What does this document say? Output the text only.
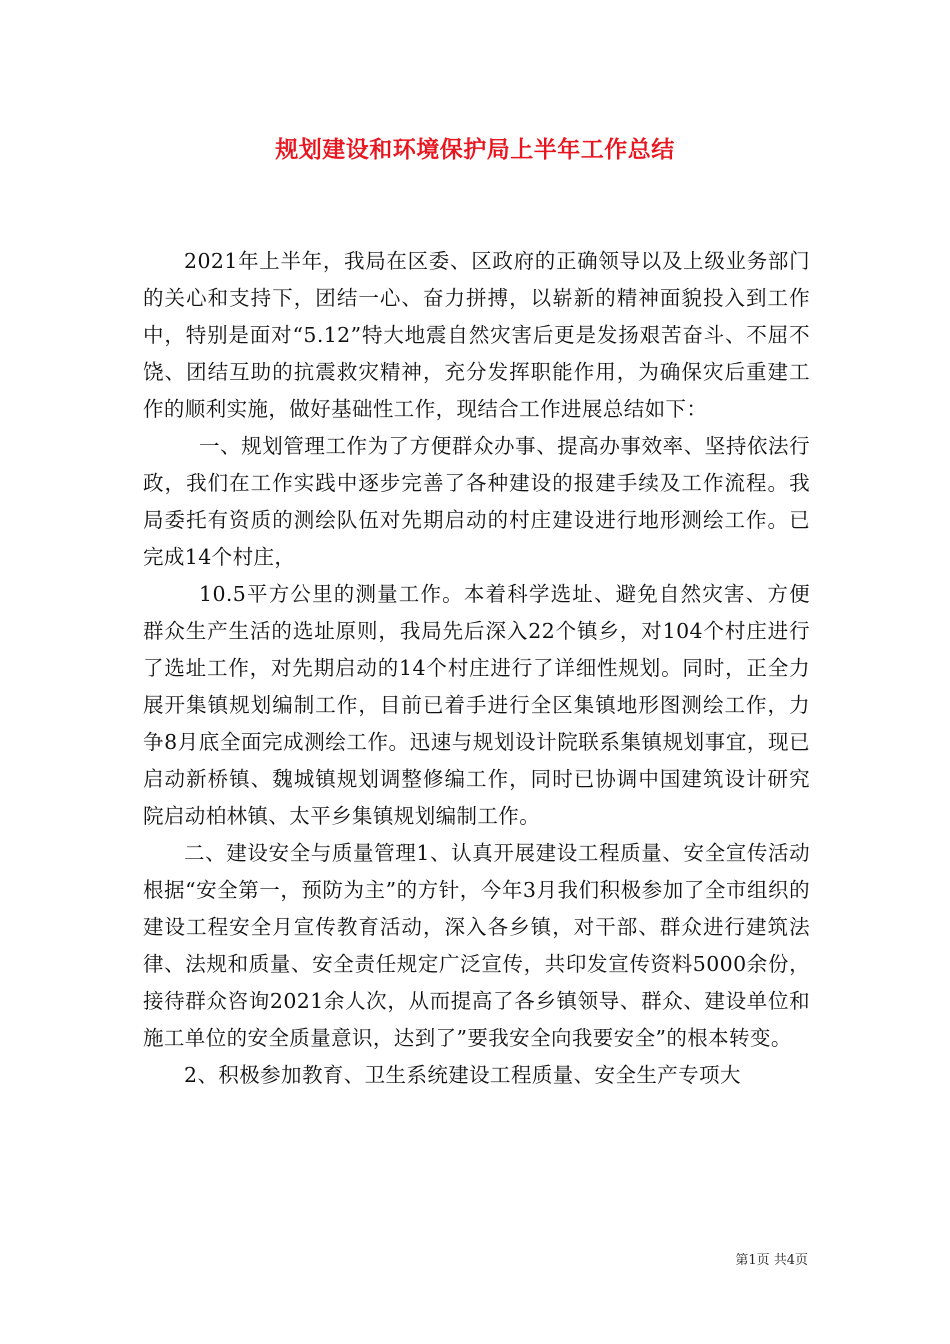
规划建设和环境保护局上半年工作总结

2021年上半年，我局在区委、区政府的正确领导以及上级业务部门的关心和支持下，团结一心、奋力拼搏，以崭新的精神面貌投入到工作中，特别是面对“5.12”特大地震自然灾害后更是发扬艰苦奋斗、不屈不饶、团结互助的抗震救灾精神，充分发挥职能作用，为确保灾后重建工作的顺利实施，做好基础性工作，现结合工作进展总结如下：

一、规划管理工作为了方便群众办事、提高办事效率、坚持依法行政，我们在工作实践中逐步完善了各种建设的报建手续及工作流程。我局委托有资质的测绘队伍对先期启动的村庄建设进行地形测绘工作。已完成14个村庄，

10.5平方公里的测量工作。本着科学选址、避免自然灾害、方便群众生产生活的选址原则，我局先后深入22个镇乡，对104个村庄进行了选址工作，对先期启动的14个村庄进行了详细性规划。同时，正全力展开集镇规划编制工作，目前已着手进行全区集镇地形图测绘工作，力争8月底全面完成测绘工作。迅速与规划设计院联系集镇规划事宜，现已启动新桥镇、魏城镇规划调整修编工作，同时已协调中国建筑设计研究院启动柏林镇、太平乡集镇规划编制工作。

二、建设安全与质量管理1、认真开展建设工程质量、安全宣传活动根据“安全第一，预防为主”的方针，今年3月我们积极参加了全市组织的建设工程安全月宣传教育活动，深入各乡镇，对干部、群众进行建筑法律、法规和质量、安全责任规定广泛宣传，共印发宣传资料5000余份，接待群众咨询2021余人次，从而提高了各乡镇领导、群众、建设单位和施工单位的安全质量意识，达到了”要我安全向我要安全”的根本转变。

2、积极参加教育、卫生系统建设工程质量、安全生产专项大

第1页 共4页
